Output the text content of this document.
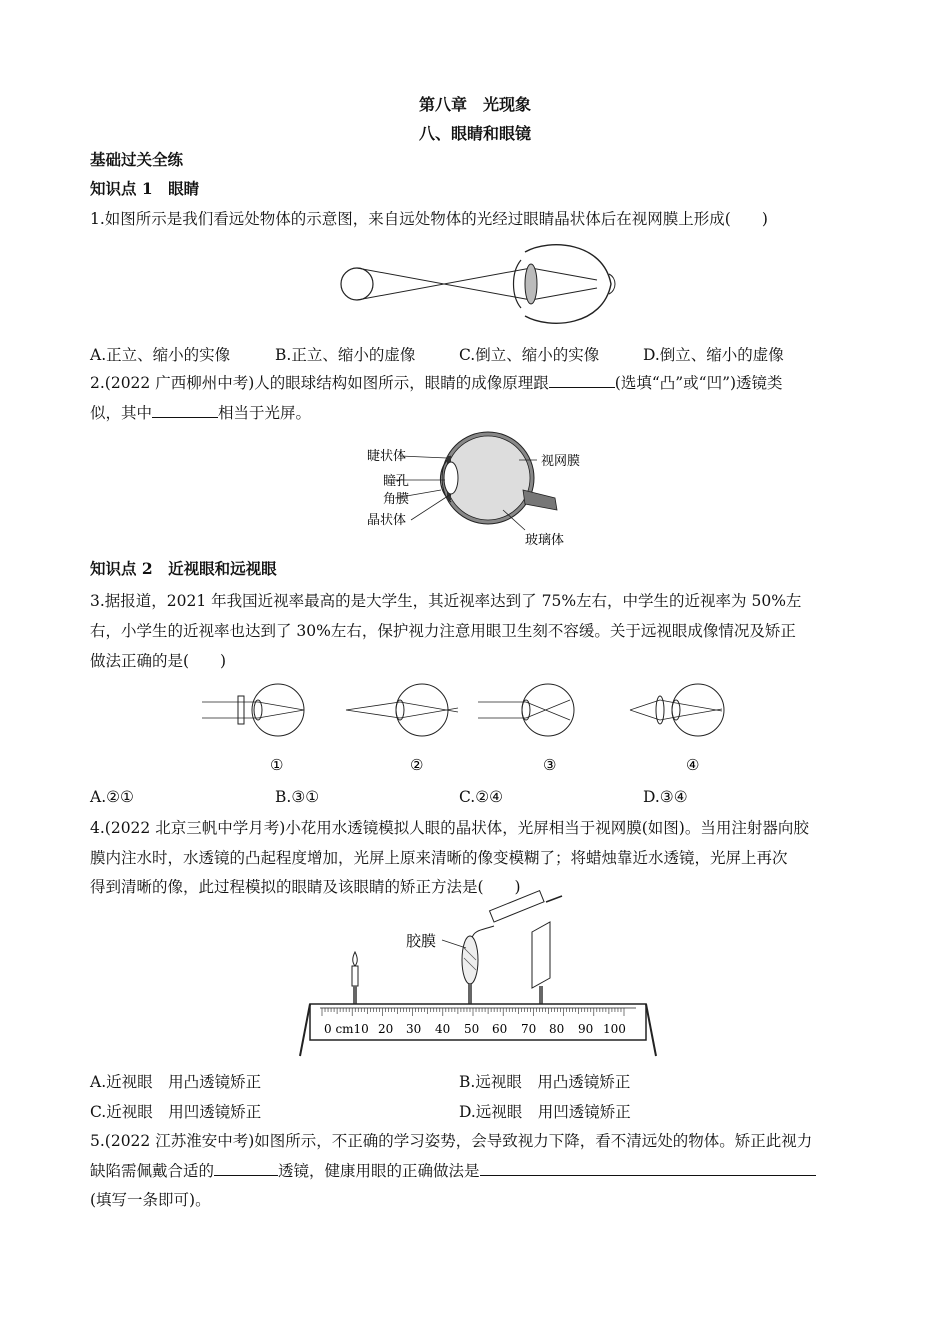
第八章　光现象
八、眼睛和眼镜
基础过关全练
知识点 1　眼睛
1.如图所示是我们看远处物体的示意图，来自远处物体的光经过眼睛晶状体后在视网膜上形成(　　)
A.正立、缩小的实像	B.正立、缩小的虚像	C.倒立、缩小的实像	D.倒立、缩小的虚像
2.(2022 广西柳州中考)人的眼球结构如图所示，眼睛的成像原理跟	(选填“凸”或“凹”)透镜类
似，其中	相当于光屏。
睫状体
瞳孔
角膜
晶状体
视网膜
玻璃体
知识点 2　近视眼和远视眼
3.据报道，2021 年我国近视率最高的是大学生，其近视率达到了 75%左右，中学生的近视率为 50%左
右，小学生的近视率也达到了 30%左右，保护视力注意用眼卫生刻不容缓。关于远视眼成像情况及矫正
做法正确的是(　　)
①	②	③	④
A.②①	B.③①	C.②④	D.③④
4.(2022 北京三帆中学月考)小花用水透镜模拟人眼的晶状体，光屏相当于视网膜(如图)。当用注射器向胶
膜内注水时，水透镜的凸起程度增加，光屏上原来清晰的像变模糊了；将蜡烛靠近水透镜，光屏上再次
得到清晰的像，此过程模拟的眼睛及该眼睛的矫正方法是(　　)
胶膜
0 cm10 20 30 40 50 60 70 80 90 100
A.近视眼　用凸透镜矫正	B.远视眼　用凸透镜矫正
C.近视眼　用凹透镜矫正	D.远视眼　用凹透镜矫正
5.(2022 江苏淮安中考)如图所示，不正确的学习姿势，会导致视力下降，看不清远处的物体。矫正此视力
缺陷需佩戴合适的	透镜，健康用眼的正确做法是
(填写一条即可)。
